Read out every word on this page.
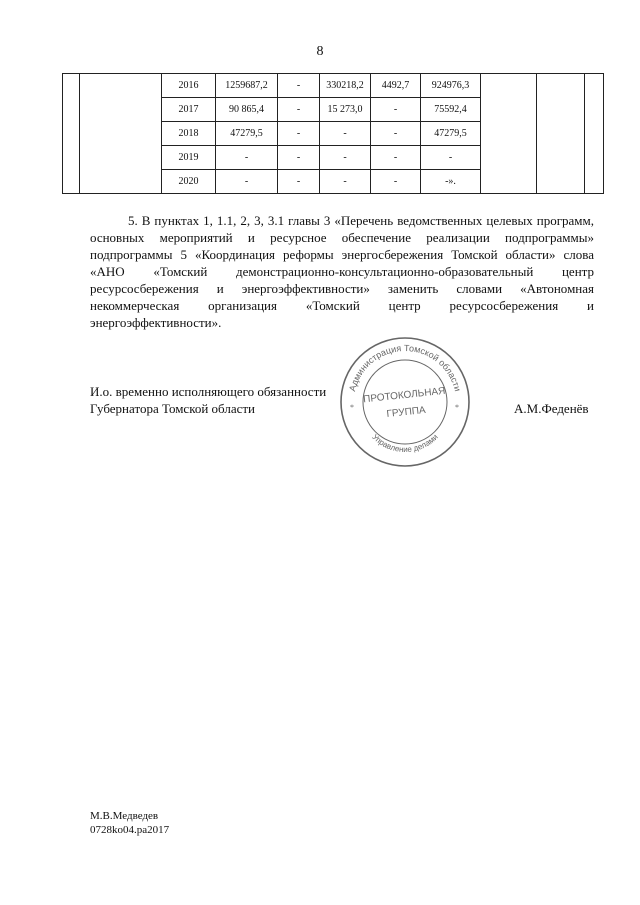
8
		2016	1259687,2	-	330218,2	4492,7	924976,3			
		2017	90 865,4	-	15 273,0	-	75592,4			
		2018	47279,5	-	-	-	47279,5			
		2019	-	-	-	-	-			
		2020	-	-	-	-	-».			

5. В пунктах 1, 1.1, 2, 3, 3.1 главы 3 «Перечень ведомственных целевых программ, основных мероприятий и ресурсное обеспечение реализации подпрограммы» подпрограммы 5 «Координация реформы энергосбережения Томской области» слова «АНО «Томский демонстрационно-консультационно-образовательный центр ресурсосбережения и энергоэффективности» заменить словами «Автономная некоммерческая организация «Томский центр ресурсосбережения и энергоэффективности».

И.о. временно исполняющего обязанности
Губернатора Томской области	А.М.Феденёв
Администрация Томской области
ПРОТОКОЛЬНАЯ
ГРУППА
Управление делами
*	*
М.В.Медведев
0728ko04.pa2017
